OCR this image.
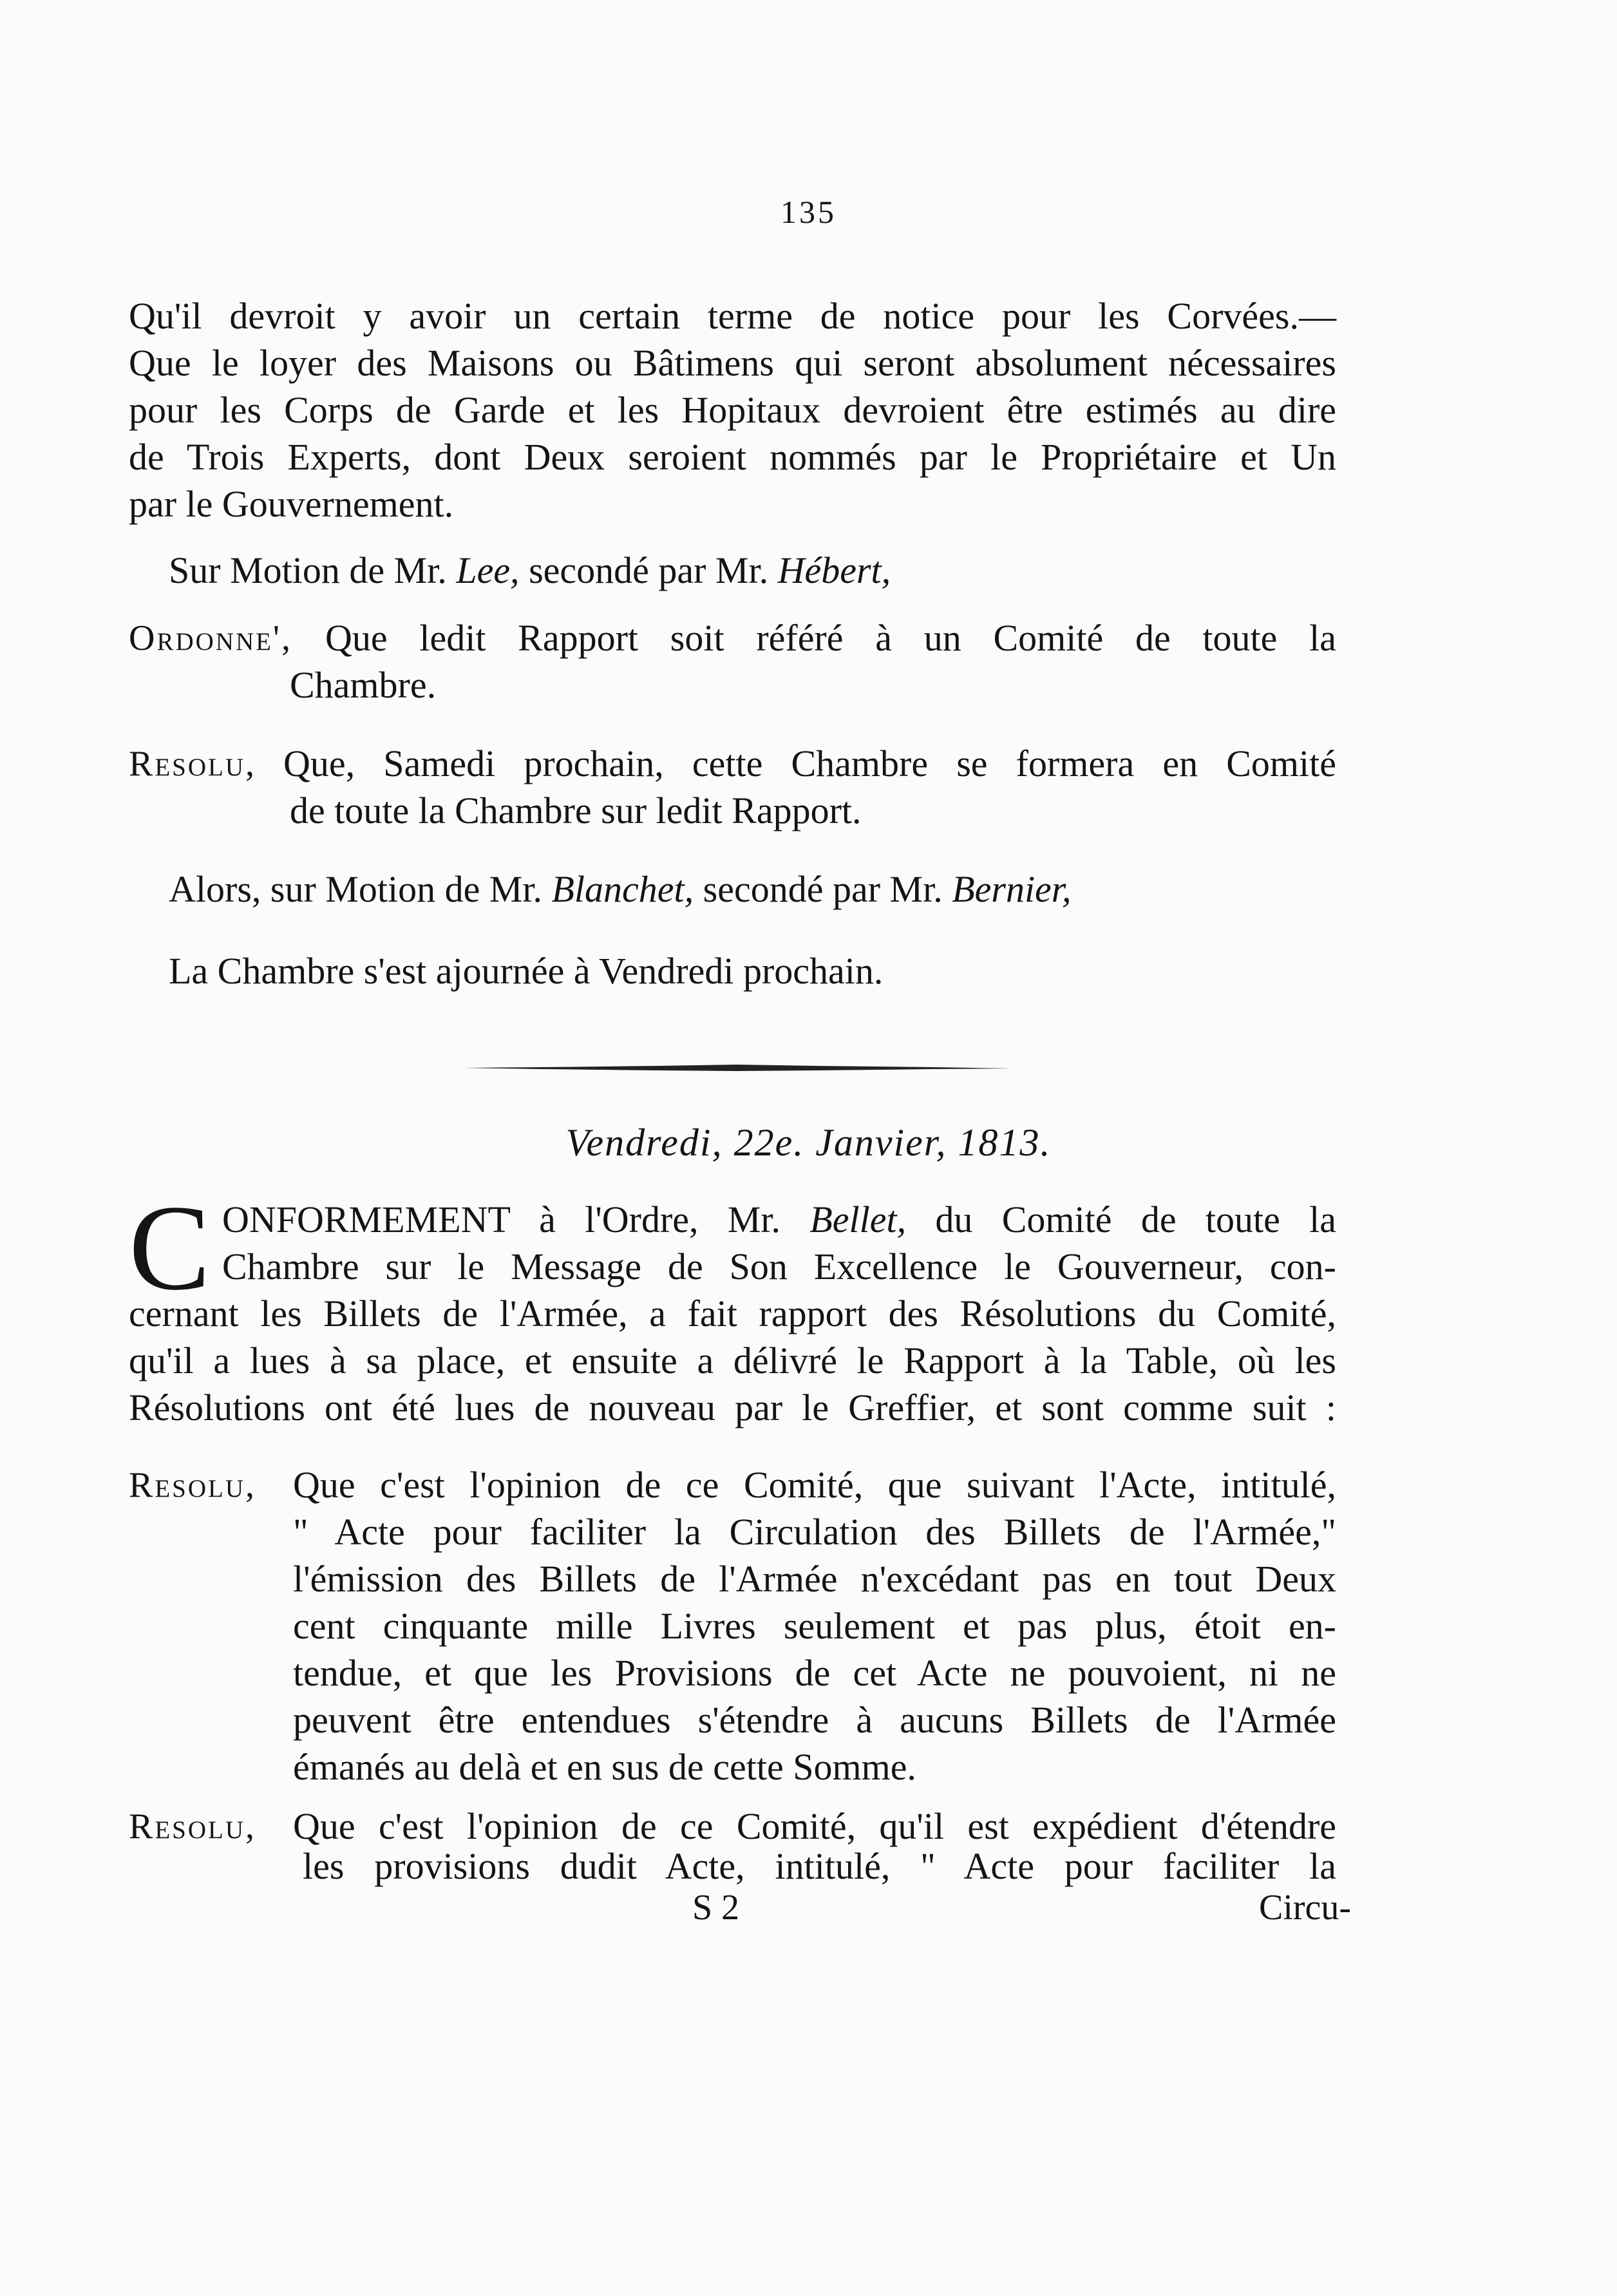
135
Qu'il devroit y avoir un certain terme de notice pour les Corvées.—
Que le loyer des Maisons ou Bâtimens qui seront absolument nécessaires
pour les Corps de Garde et les Hopitaux devroient être estimés au dire
de Trois Experts, dont Deux seroient nommés par le Propriétaire et Un
par le Gouvernement.
Sur Motion de Mr. Lee, secondé par Mr. Hébert,
Ordonne', Que ledit Rapport soit référé à un Comité de toute la
Chambre.
Resolu, Que, Samedi prochain, cette Chambre se formera en Comité
de toute la Chambre sur ledit Rapport.
Alors, sur Motion de Mr. Blanchet, secondé par Mr. Bernier,
La Chambre s'est ajournée à Vendredi prochain.
Vendredi, 22e. Janvier, 1813.
C ONFORMEMENT à l'Ordre, Mr. Bellet, du Comité de toute la
Chambre sur le Message de Son Excellence le Gouverneur, con-
cernant les Billets de l'Armée, a fait rapport des Résolutions du Comité,
qu'il a lues à sa place, et ensuite a délivré le Rapport à la Table, où les
Résolutions ont été lues de nouveau par le Greffier, et sont comme suit :
Resolu, Que c'est l'opinion de ce Comité, que suivant l'Acte, intitulé,
" Acte pour faciliter la Circulation des Billets de l'Armée,"
l'émission des Billets de l'Armée n'excédant pas en tout Deux
cent cinquante mille Livres seulement et pas plus, étoit en-
tendue, et que les Provisions de cet Acte ne pouvoient, ni ne
peuvent être entendues s'étendre à aucuns Billets de l'Armée
émanés au delà et en sus de cette Somme.
Resolu, Que c'est l'opinion de ce Comité, qu'il est expédient d'étendre
les provisions dudit Acte, intitulé, " Acte pour faciliter la
S 2	Circu-
